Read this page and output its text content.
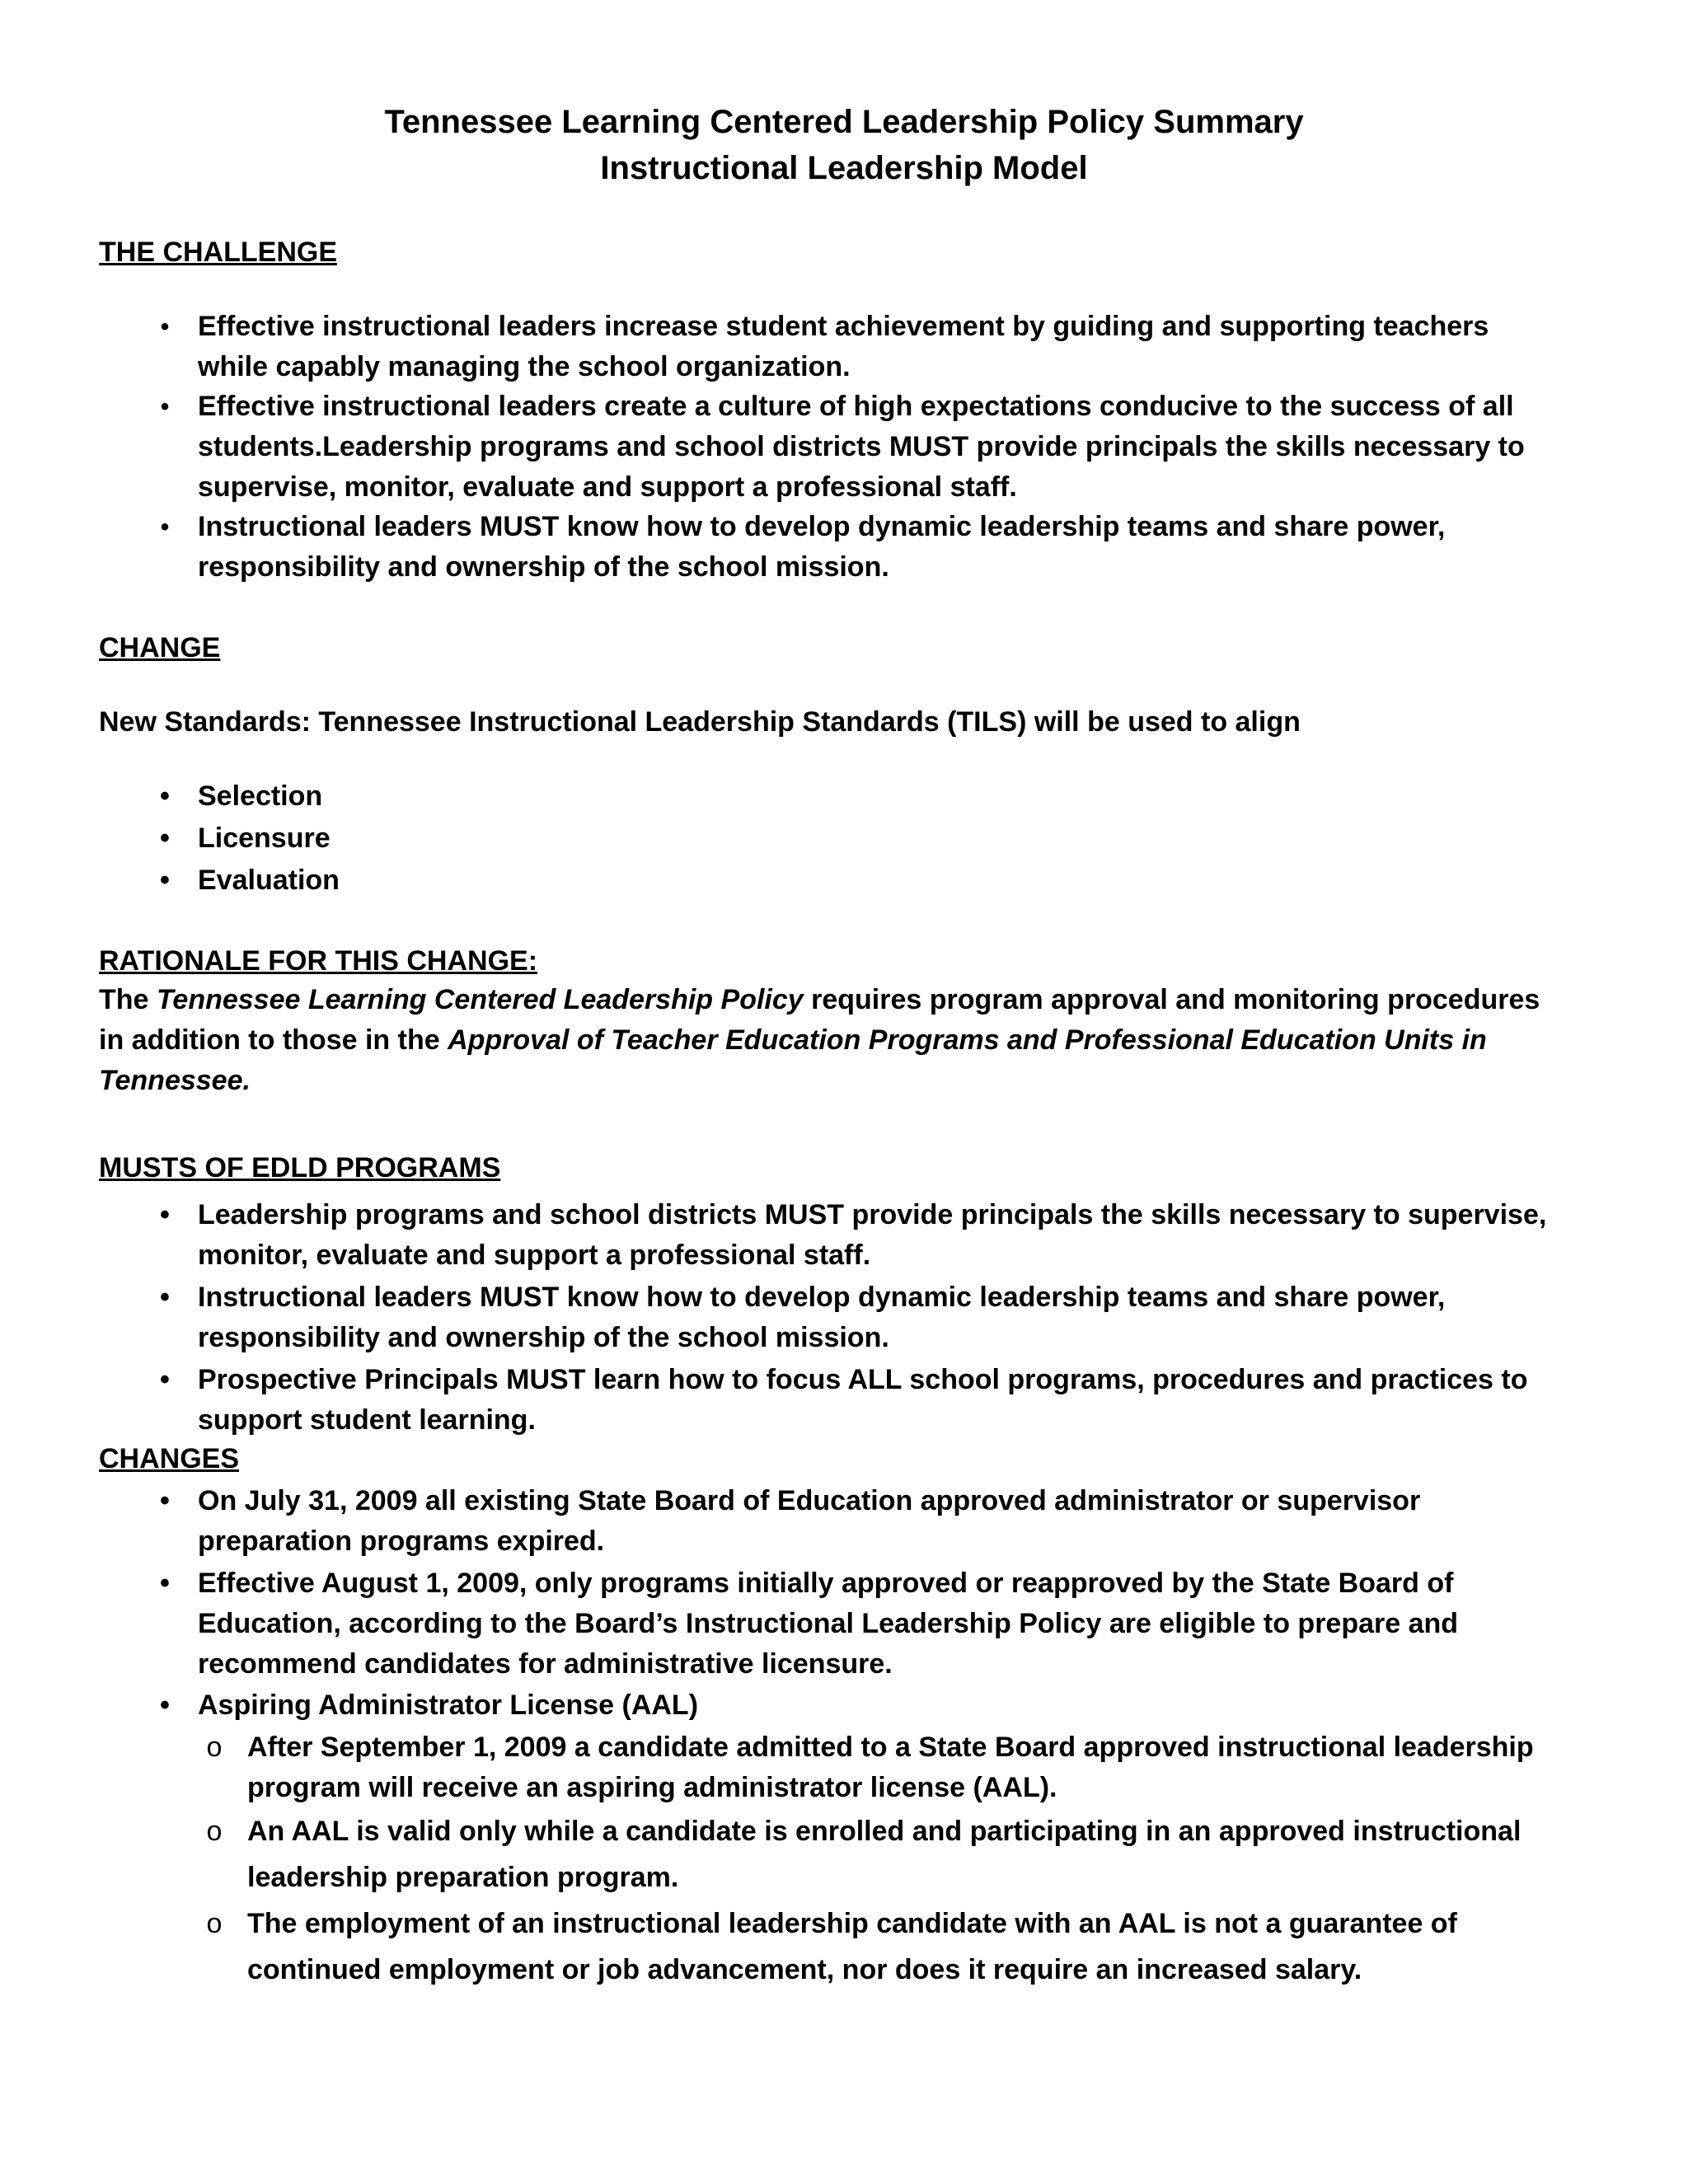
Tennessee Learning Centered Leadership Policy Summary
Instructional Leadership Model
THE CHALLENGE
•	Effective instructional leaders increase student achievement by guiding and supporting teachers
while capably managing the school organization.
•	Effective instructional leaders create a culture of high expectations conducive to the success of all
students.Leadership programs and school districts MUST provide principals the skills necessary to
supervise, monitor, evaluate and support a professional staff.
•	Instructional leaders MUST know how to develop dynamic leadership teams and share power,
responsibility and ownership of the school mission.
CHANGE
New Standards: Tennessee Instructional Leadership Standards (TILS) will be used to align
•	Selection
•	Licensure
•	Evaluation
RATIONALE FOR THIS CHANGE:
The Tennessee Learning Centered Leadership Policy requires program approval and monitoring procedures
in addition to those in the Approval of Teacher Education Programs and Professional Education Units in
Tennessee.
MUSTS OF EDLD PROGRAMS
•	Leadership programs and school districts MUST provide principals the skills necessary to supervise,
monitor, evaluate and support a professional staff.
•	Instructional leaders MUST know how to develop dynamic leadership teams and share power,
responsibility and ownership of the school mission.
•	Prospective Principals MUST learn how to focus ALL school programs, procedures and practices to
support student learning.
CHANGES
•	On July 31, 2009 all existing State Board of Education approved administrator or supervisor
preparation programs expired.
•	Effective August 1, 2009, only programs initially approved or reapproved by the State Board of
Education, according to the Board’s Instructional Leadership Policy are eligible to prepare and
recommend candidates for administrative licensure.
•	Aspiring Administrator License (AAL)
o After September 1, 2009 a candidate admitted to a State Board approved instructional leadership
program will receive an aspiring administrator license (AAL).
o An AAL is valid only while a candidate is enrolled and participating in an approved instructional
leadership preparation program.
o The employment of an instructional leadership candidate with an AAL is not a guarantee of
continued employment or job advancement, nor does it require an increased salary.
